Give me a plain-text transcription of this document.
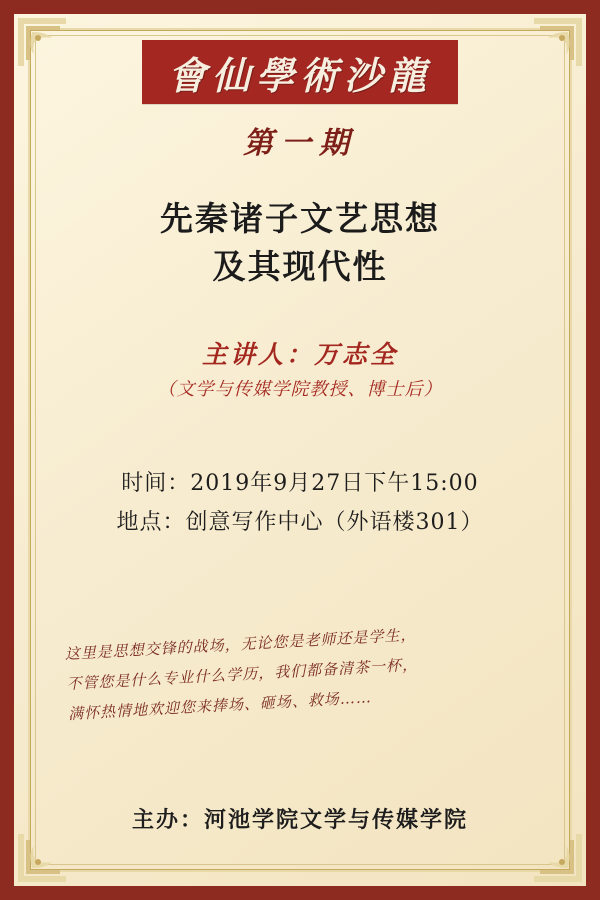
會仙學術沙龍
第一期
先秦诸子文艺思想
及其现代性
主讲人：万志全
（文学与传媒学院教授、博士后）
时间：2019年9月27日下午15:00
地点：创意写作中心（外语楼301）
这里是思想交锋的战场，无论您是老师还是学生，
不管您是什么专业什么学历，我们都备清茶一杯，
满怀热情地欢迎您来捧场、砸场、救场……
主办：河池学院文学与传媒学院
